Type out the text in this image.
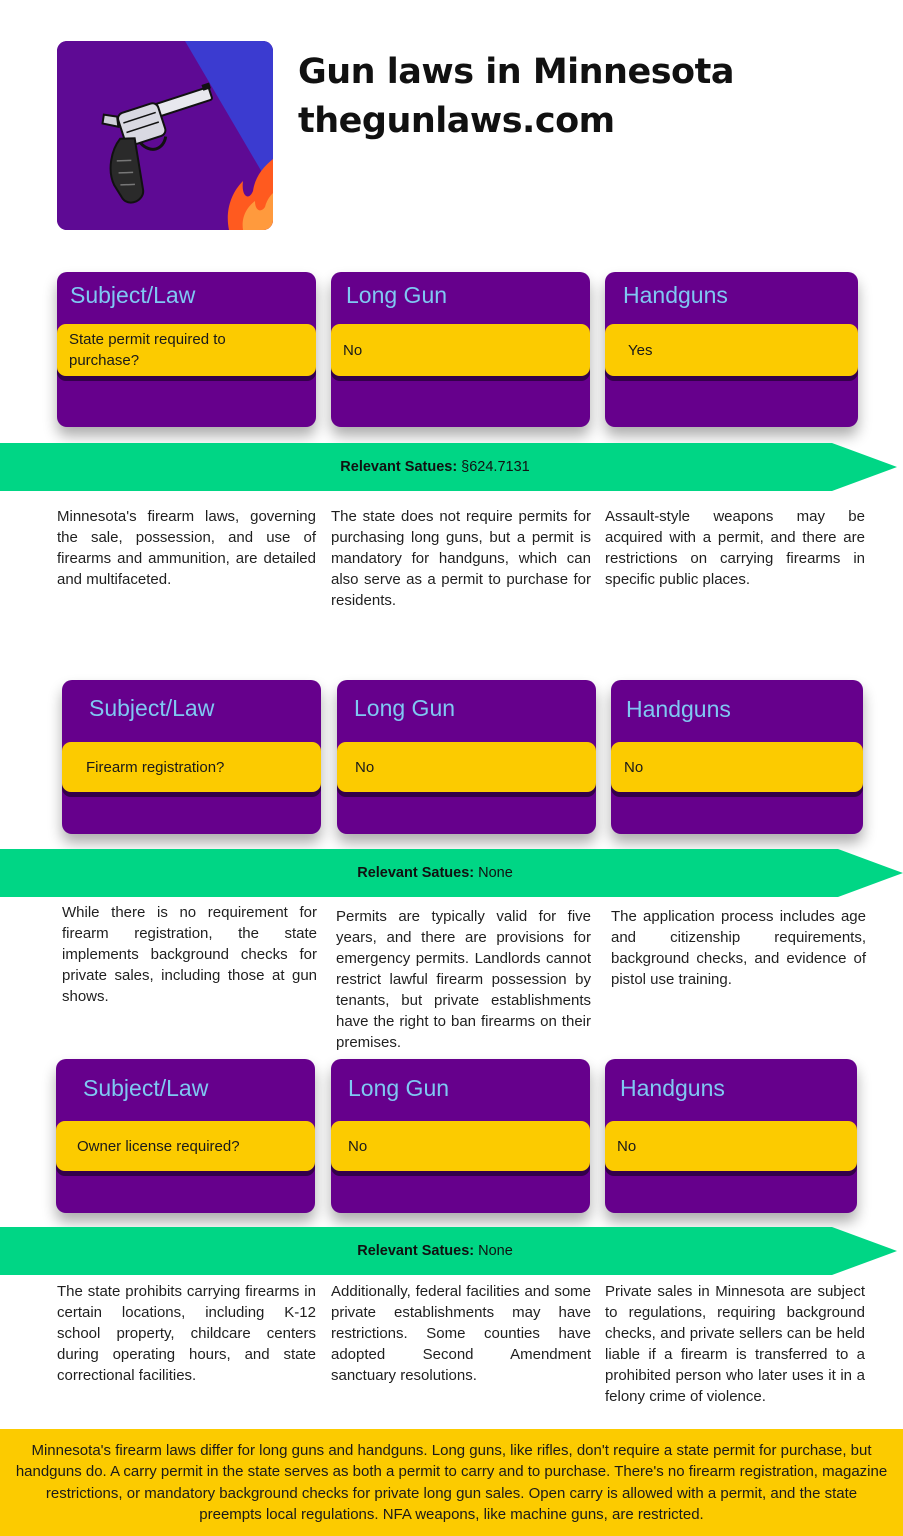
Gun laws in Minnesota
thegunlaws.com
Subject/Law
State permit required to purchase?
Long Gun
No
Handguns
Yes
Relevant Satues: §624.7131
Minnesota's firearm laws, governing the sale, possession, and use of firearms and ammunition, are detailed and multifaceted.
The state does not require permits for purchasing long guns, but a permit is mandatory for handguns, which can also serve as a permit to purchase for residents.
Assault-style weapons may be acquired with a permit, and there are restrictions on carrying firearms in specific public places.
Subject/Law
Firearm registration?
Long Gun
No
Handguns
No
Relevant Satues: None
While there is no requirement for firearm registration, the state implements background checks for private sales, including those at gun shows.
Permits are typically valid for five years, and there are provisions for emergency permits. Landlords cannot restrict lawful firearm possession by tenants, but private establishments have the right to ban firearms on their premises.
The application process includes age and citizenship requirements, background checks, and evidence of pistol use training.
Subject/Law
Owner license required?
Long Gun
No
Handguns
No
Relevant Satues: None
The state prohibits carrying firearms in certain locations, including K-12 school property, childcare centers during operating hours, and state correctional facilities.
Additionally, federal facilities and some private establishments may have restrictions. Some counties have adopted Second Amendment sanctuary resolutions.
Private sales in Minnesota are subject to regulations, requiring background checks, and private sellers can be held liable if a firearm is transferred to a prohibited person who later uses it in a felony crime of violence.
Minnesota's firearm laws differ for long guns and handguns. Long guns, like rifles, don't require a state permit for purchase, but handguns do. A carry permit in the state serves as both a permit to carry and to purchase. There's no firearm registration, magazine restrictions, or mandatory background checks for private long gun sales. Open carry is allowed with a permit, and the state preempts local regulations. NFA weapons, like machine guns, are restricted.
